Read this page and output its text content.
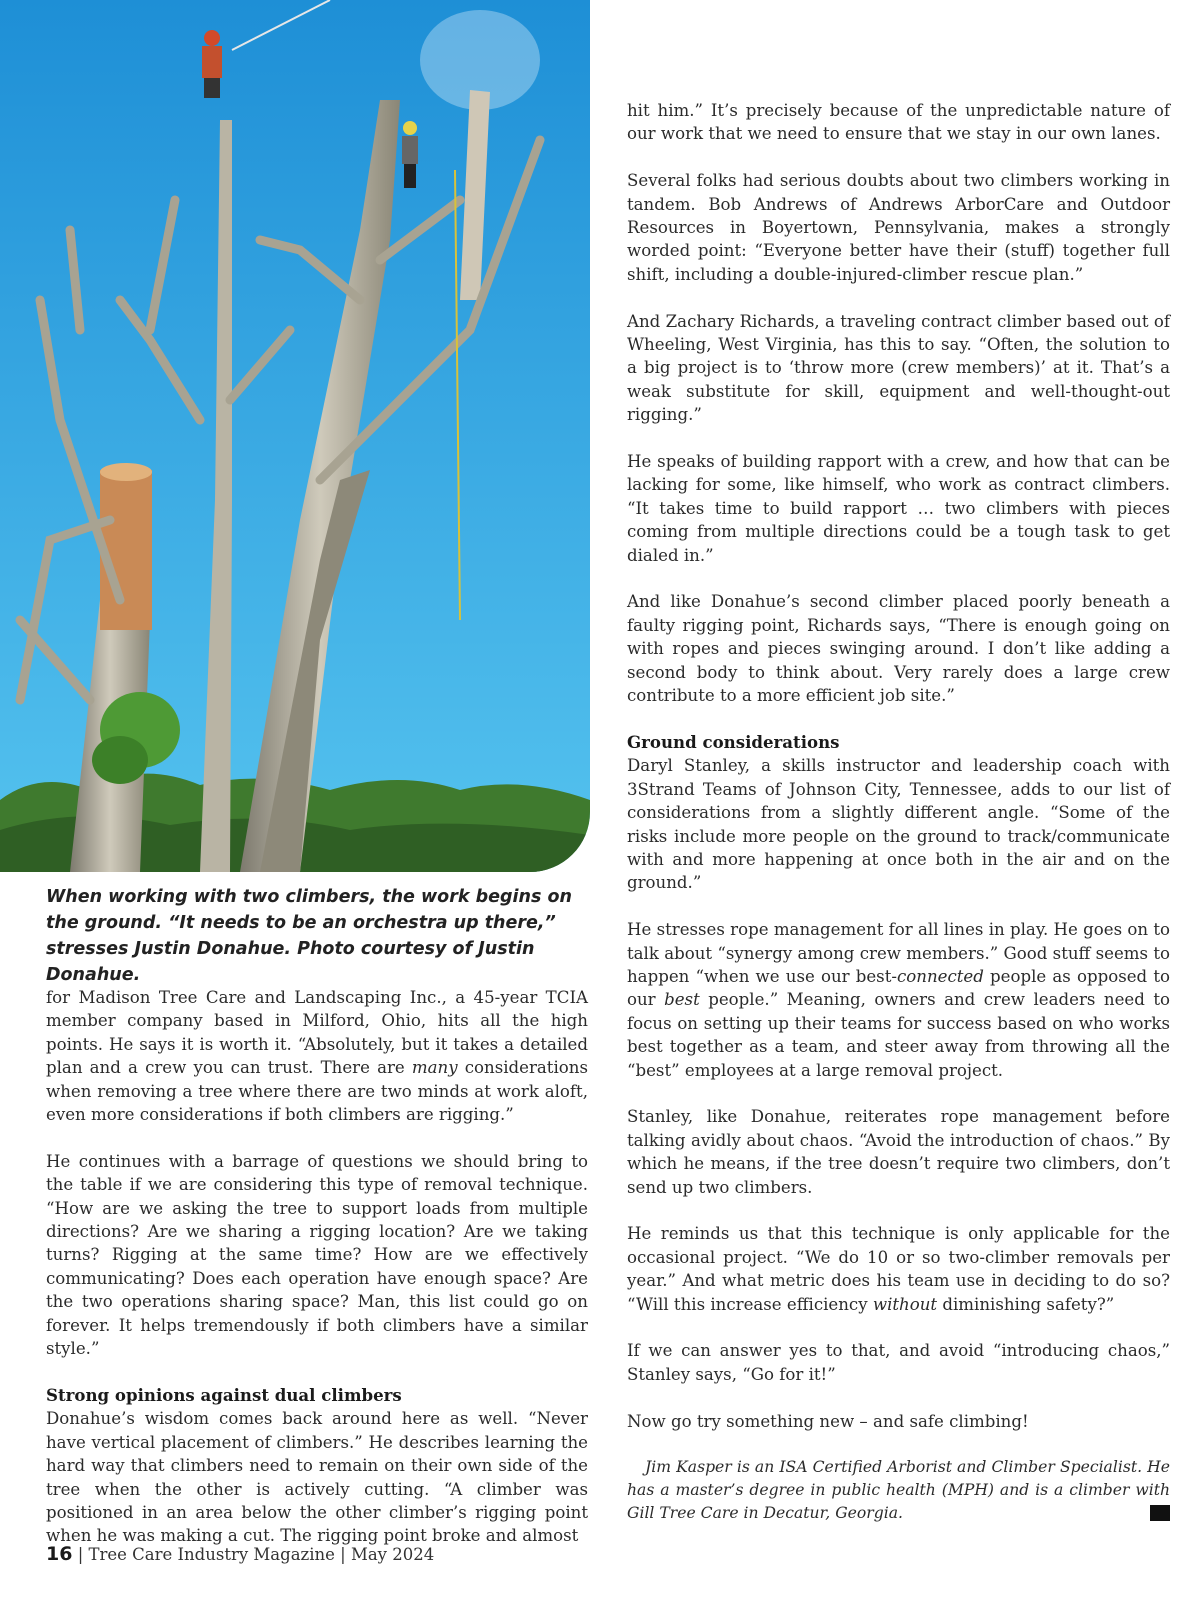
When working with two climbers, the work begins on the ground. “It needs to be an orchestra up there,” stresses Justin Donahue. Photo courtesy of Justin Donahue.

for Madison Tree Care and Landscaping Inc., a 45-year TCIA member company based in Milford, Ohio, hits all the high points. He says it is worth it. “Absolutely, but it takes a detailed plan and a crew you can trust. There are many considerations when removing a tree where there are two minds at work aloft, even more considerations if both climbers are rigging.”

He continues with a barrage of questions we should bring to the table if we are considering this type of removal technique. “How are we asking the tree to support loads from multiple directions? Are we sharing a rigging location? Are we taking turns? Rigging at the same time? How are we effectively communicating? Does each operation have enough space? Are the two operations sharing space? Man, this list could go on forever. It helps tremendously if both climbers have a similar style.”

Strong opinions against dual climbers

Donahue’s wisdom comes back around here as well. “Never have vertical placement of climbers.” He describes learning the hard way that climbers need to remain on their own side of the tree when the other is actively cutting. “A climber was positioned in an area below the other climber’s rigging point when he was making a cut. The rigging point broke and almost

hit him.” It’s precisely because of the unpredictable nature of our work that we need to ensure that we stay in our own lanes.

Several folks had serious doubts about two climbers working in tandem. Bob Andrews of Andrews ArborCare and Outdoor Resources in Boyertown, Pennsylvania, makes a strongly worded point: “Everyone better have their (stuff) together full shift, including a double-injured-climber rescue plan.”

And Zachary Richards, a traveling contract climber based out of Wheeling, West Virginia, has this to say. “Often, the solution to a big project is to ‘throw more (crew members)’ at it. That’s a weak substitute for skill, equipment and well-thought-out rigging.”

He speaks of building rapport with a crew, and how that can be lacking for some, like himself, who work as contract climbers. “It takes time to build rapport … two climbers with pieces coming from multiple directions could be a tough task to get dialed in.”

And like Donahue’s second climber placed poorly beneath a faulty rigging point, Richards says, “There is enough going on with ropes and pieces swinging around. I don’t like adding a second body to think about. Very rarely does a large crew contribute to a more efficient job site.”

Ground considerations

Daryl Stanley, a skills instructor and leadership coach with 3Strand Teams of Johnson City, Tennessee, adds to our list of considerations from a slightly different angle. “Some of the risks include more people on the ground to track/communicate with and more happening at once both in the air and on the ground.”

He stresses rope management for all lines in play. He goes on to talk about “synergy among crew members.” Good stuff seems to happen “when we use our best-connected people as opposed to our best people.” Meaning, owners and crew leaders need to focus on setting up their teams for success based on who works best together as a team, and steer away from throwing all the “best” employees at a large removal project.

Stanley, like Donahue, reiterates rope management before talking avidly about chaos. “Avoid the introduction of chaos.” By which he means, if the tree doesn’t require two climbers, don’t send up two climbers.

He reminds us that this technique is only applicable for the occasional project. “We do 10 or so two-climber removals per year.” And what metric does his team use in deciding to do so? “Will this increase efficiency without diminishing safety?”

If we can answer yes to that, and avoid “introducing chaos,” Stanley says, “Go for it!”

Now go try something new – and safe climbing!

Jim Kasper is an ISA Certified Arborist and Climber Specialist. He has a master’s degree in public health (MPH) and is a climber with Gill Tree Care in Decatur, Georgia.

16 | Tree Care Industry Magazine | May 2024
